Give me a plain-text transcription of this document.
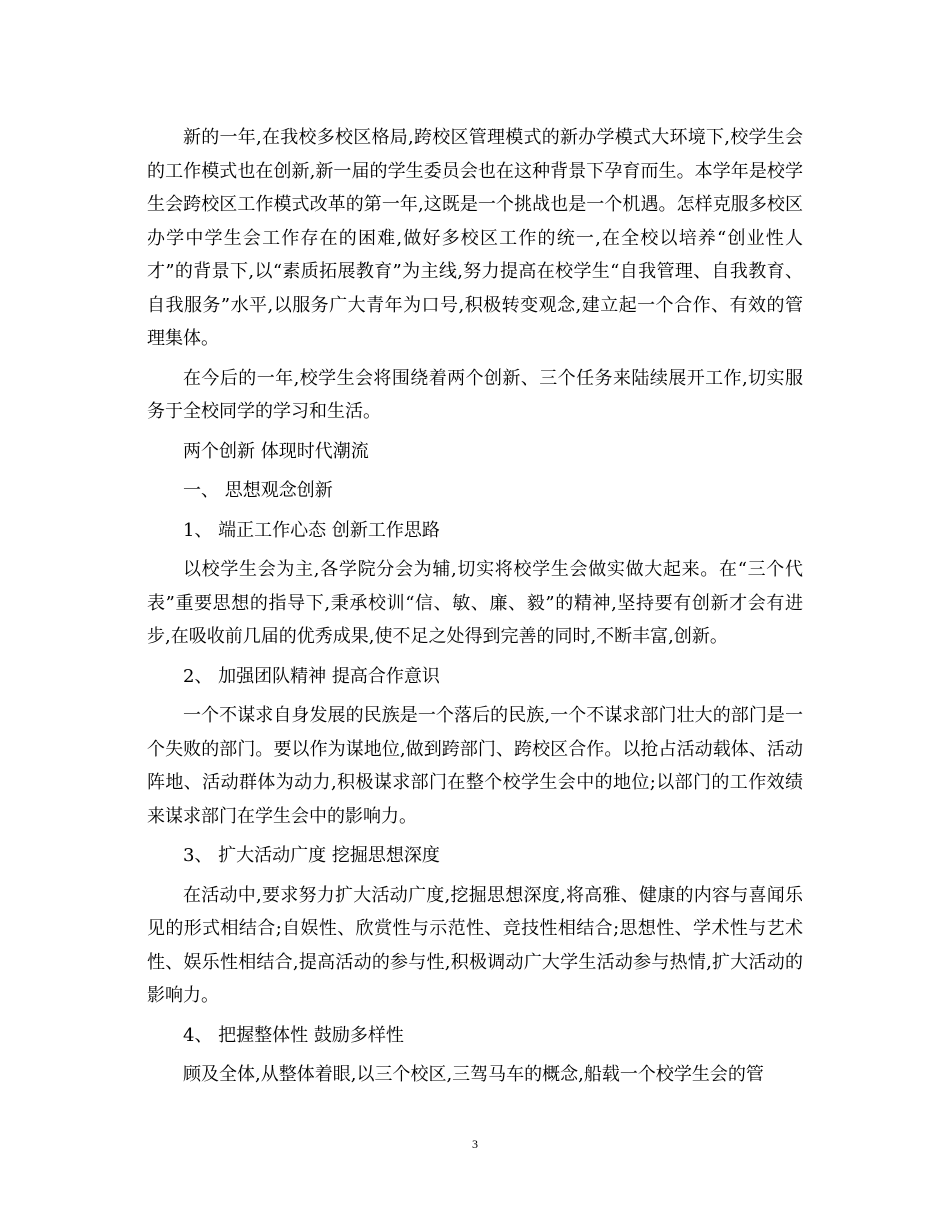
新的一年,在我校多校区格局,跨校区管理模式的新办学模式大环境下,校学生会的工作模式也在创新,新一届的学生委员会也在这种背景下孕育而生。本学年是校学生会跨校区工作模式改革的第一年,这既是一个挑战也是一个机遇。怎样克服多校区办学中学生会工作存在的困难,做好多校区工作的统一,在全校以培养“创业性人才”的背景下,以“素质拓展教育”为主线,努力提高在校学生“自我管理、自我教育、自我服务”水平,以服务广大青年为口号,积极转变观念,建立起一个合作、有效的管理集体。

在今后的一年,校学生会将围绕着两个创新、三个任务来陆续展开工作,切实服务于全校同学的学习和生活。

两个创新 体现时代潮流

一、 思想观念创新

1、 端正工作心态 创新工作思路

以校学生会为主,各学院分会为辅,切实将校学生会做实做大起来。在“三个代表”重要思想的指导下,秉承校训“信、敏、廉、毅”的精神,坚持要有创新才会有进步,在吸收前几届的优秀成果,使不足之处得到完善的同时,不断丰富,创新。

2、 加强团队精神 提高合作意识

一个不谋求自身发展的民族是一个落后的民族,一个不谋求部门壮大的部门是一个失败的部门。要以作为谋地位,做到跨部门、跨校区合作。以抢占活动载体、活动阵地、活动群体为动力,积极谋求部门在整个校学生会中的地位;以部门的工作效绩来谋求部门在学生会中的影响力。

3、 扩大活动广度 挖掘思想深度

在活动中,要求努力扩大活动广度,挖掘思想深度,将高雅、健康的内容与喜闻乐见的形式相结合;自娱性、欣赏性与示范性、竞技性相结合;思想性、学术性与艺术性、娱乐性相结合,提高活动的参与性,积极调动广大学生活动参与热情,扩大活动的影响力。

4、 把握整体性 鼓励多样性

顾及全体,从整体着眼,以三个校区,三驾马车的概念,船载一个校学生会的管

3
